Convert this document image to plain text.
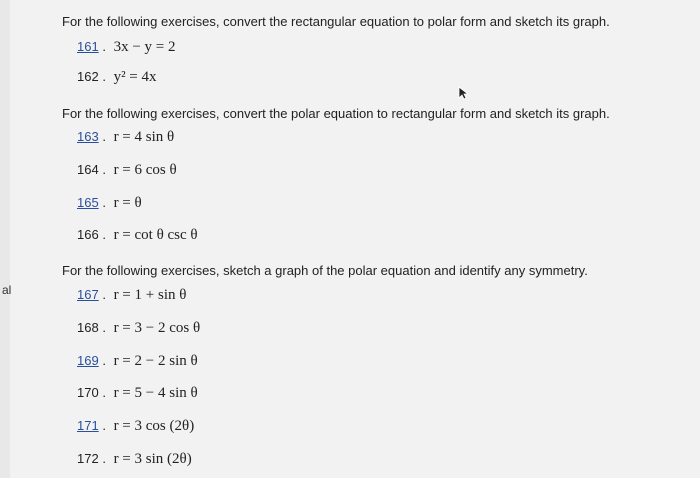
al
For the following exercises, convert the rectangular equation to polar form and sketch its graph.
161 . 3x − y = 2
162 . y² = 4x
For the following exercises, convert the polar equation to rectangular form and sketch its graph.
163 . r = 4 sin θ
164 . r = 6 cos θ
165 . r = θ
166 . r = cot θ csc θ
For the following exercises, sketch a graph of the polar equation and identify any symmetry.
167 . r = 1 + sin θ
168 . r = 3 − 2 cos θ
169 . r = 2 − 2 sin θ
170 . r = 5 − 4 sin θ
171 . r = 3 cos (2θ)
172 . r = 3 sin (2θ)
